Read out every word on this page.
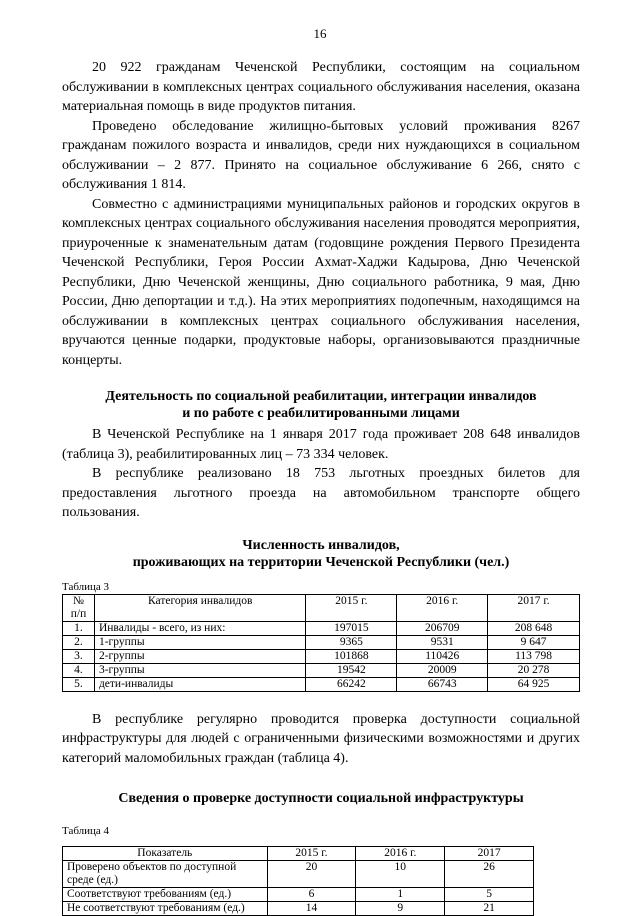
16

20 922 гражданам Чеченской Республики, состоящим на социальном обслуживании в комплексных центрах социального обслуживания населения, оказана материальная помощь в виде продуктов питания.

Проведено обследование жилищно-бытовых условий проживания 8267 гражданам пожилого возраста и инвалидов, среди них нуждающихся в социальном обслуживании – 2 877. Принято на социальное обслуживание 6 266, снято с обслуживания 1 814.

Совместно с администрациями муниципальных районов и городских округов в комплексных центрах социального обслуживания населения проводятся мероприятия, приуроченные к знаменательным датам (годовщине рождения Первого Президента Чеченской Республики, Героя России Ахмат-Хаджи Кадырова, Дню Чеченской Республики, Дню Чеченской женщины, Дню социального работника, 9 мая, Дню России, Дню депортации и т.д.). На этих мероприятиях подопечным, находящимся на обслуживании в комплексных центрах социального обслуживания населения, вручаются ценные подарки, продуктовые наборы, организовываются праздничные концерты.

Деятельность по социальной реабилитации, интеграции инвалидов

и по работе с реабилитированными лицами

В Чеченской Республике на 1 января 2017 года проживает 208 648 инвалидов (таблица 3), реабилитированных лиц – 73 334 человек.

В республике реализовано 18 753 льготных проездных билетов для предоставления льготного проезда на автомобильном транспорте общего пользования.

Численность инвалидов,

проживающих на территории Чеченской Республики (чел.)

Таблица 3

№ п/п	Категория инвалидов	2015 г.	2016 г.	2017 г.
1.	Инвалиды - всего, из них:	197015	206709	208 648
2.	1-группы	9365	9531	9 647
3.	2-группы	101868	110426	113 798
4.	3-группы	19542	20009	20 278
5.	дети-инвалиды	66242	66743	64 925

В республике регулярно проводится проверка доступности социальной инфраструктуры для людей с ограниченными физическими возможностями и других категорий маломобильных граждан (таблица 4).

Сведения о проверке доступности социальной инфраструктуры

Таблица 4

Показатель	2015 г.	2016 г.	2017
Проверено объектов по доступной среде (ед.)	20	10	26
Соответствуют требованиям (ед.)	6	1	5
Не соответствуют требованиям (ед.)	14	9	21
